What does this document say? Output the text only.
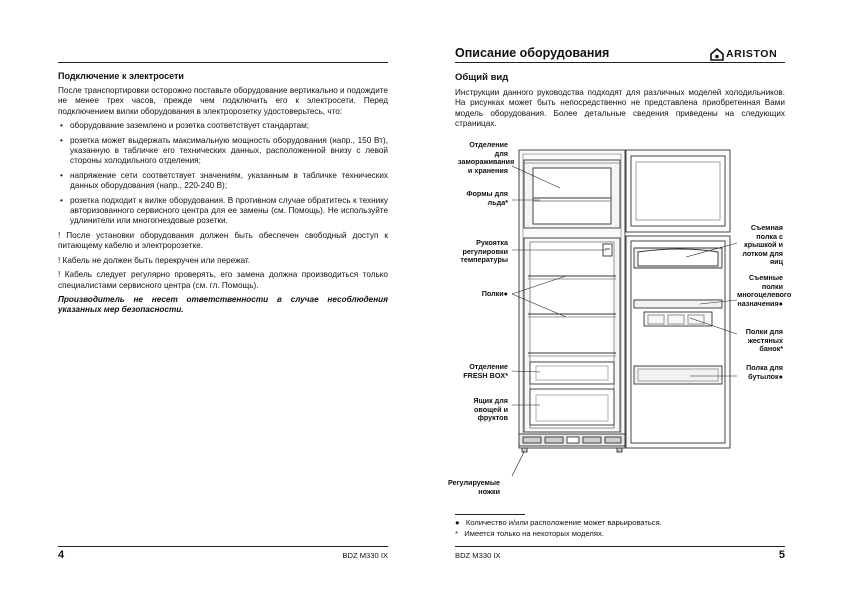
Подключение к электросети

После транспортировки осторожно поставьте оборудование вертикально и подождите не менее трех часов, прежде чем подключить его к электросети. Перед подключением вилки оборудования в электророзетку удостоверьтесь, что:

• оборудование заземлено и розетка соответствует стандартам;
• розетка может выдержать максимальную мощность оборудования (напр., 150 Вт), указанную в табличке его технических данных, расположенной внизу с левой стороны холодильного отделения;
• напряжение сети соответствует значениям, указанным в табличке технических данных оборудования (напр., 220-240 В);
• розетка подходит к вилке оборудования. В противном случае обратитесь к технику авторизованного сервисного центра для ее замены (см. Помощь). Не используйте удлинители или многогнездовые розетки.

! После установки оборудования должен быть обеспечен свободный доступ к питающему кабелю и электророзетке.

! Кабель не должен быть перекручен или пережат.

! Кабель следует регулярно проверять, его замена должна производиться только специалистами сервисного центра (см. гл. Помощь).

Производитель не несет ответственности в случае несоблюдения указанных мер безопасности.

4	BDZ M330 IX
Описание оборудования	ARISTON
Общий вид
Инструкции данного руководства подходят для различных моделей холодильников. На рисунках может быть непосредственно не представлена приобретенная Вами модель оборудования. Более детальные сведения приведены на следующих страницах.
Отделение для замораживания и хранения
Формы для льда*
Рукоятка регулировки температуры
Полки●
Отделение FRESH BOX*
Ящик для овощей и фруктов
Регулируемые ножки
Съемная полка с крышкой и лотком для яиц
Съемные полки многоцелевого назначения●
Полки для жестяных банок*
Полка для бутылок●
●   Количество и/или расположение может варьироваться.
*   Имеется только на некоторых моделях.
BDZ M330 IX	5
